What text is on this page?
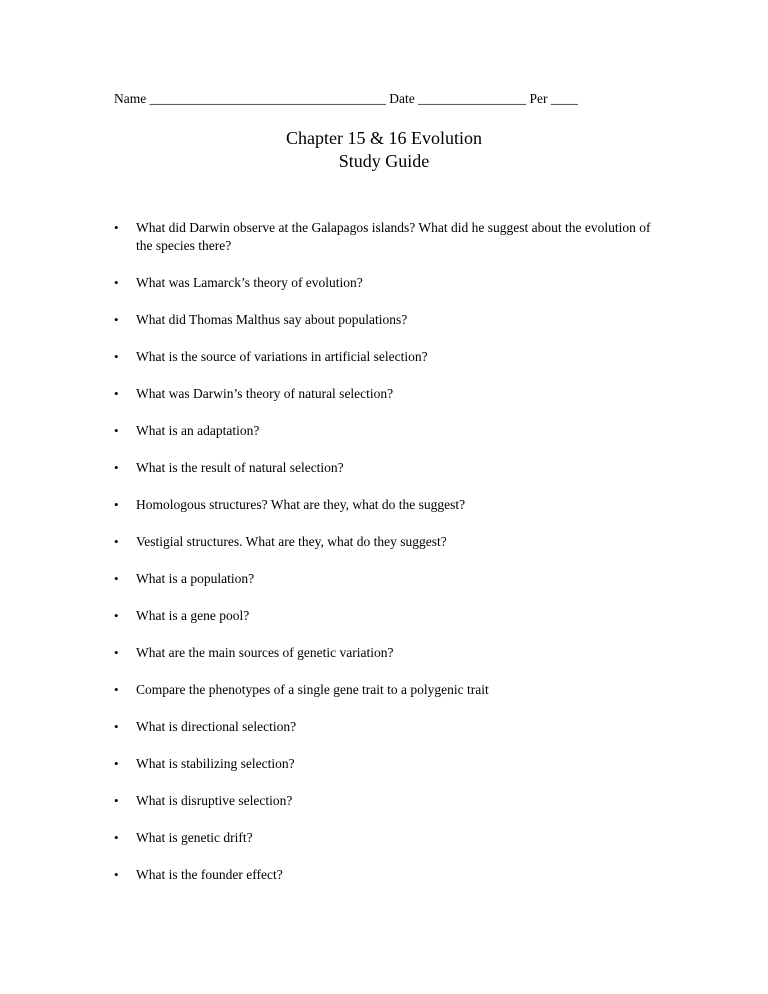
Name ___________________________________ Date ________________ Per ____
Chapter 15 & 16 Evolution
Study Guide
• What did Darwin observe at the Galapagos islands? What did he suggest about the evolution of the species there?
• What was Lamarck’s theory of evolution?
• What did Thomas Malthus say about populations?
• What is the source of variations in artificial selection?
• What was Darwin’s theory of natural selection?
• What is an adaptation?
• What is the result of natural selection?
• Homologous structures? What are they, what do the suggest?
• Vestigial structures. What are they, what do they suggest?
• What is a population?
• What is a gene pool?
• What are the main sources of genetic variation?
• Compare the phenotypes of a single gene trait to a polygenic trait
• What is directional selection?
• What is stabilizing selection?
• What is disruptive selection?
• What is genetic drift?
• What is the founder effect?
